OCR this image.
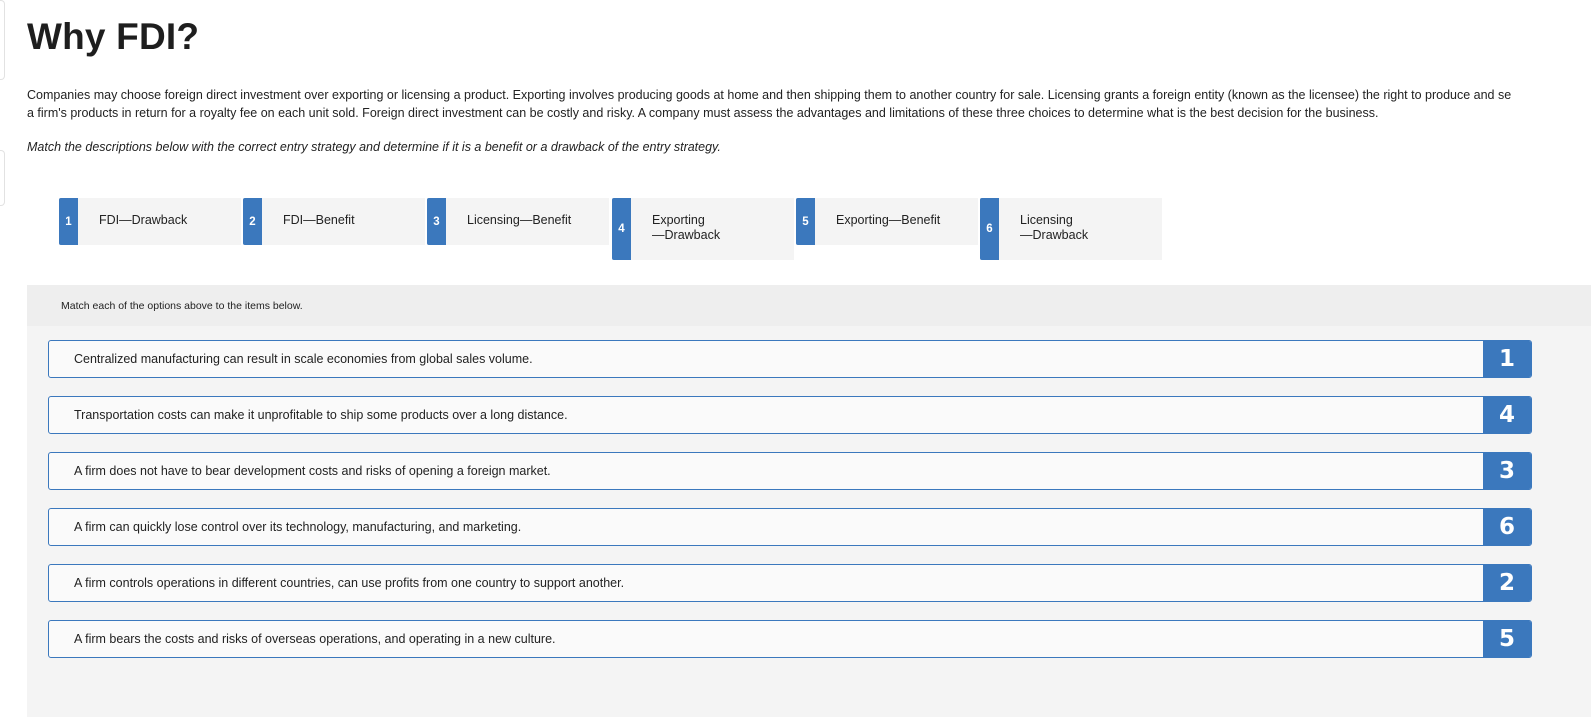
Why FDI?

Companies may choose foreign direct investment over exporting or licensing a product. Exporting involves producing goods at home and then shipping them to another country for sale. Licensing grants a foreign entity (known as the licensee) the right to produce and se
a firm's products in return for a royalty fee on each unit sold. Foreign direct investment can be costly and risky. A company must assess the advantages and limitations of these three choices to determine what is the best decision for the business.

Match the descriptions below with the correct entry strategy and determine if it is a benefit or a drawback of the entry strategy.

1	FDI—Drawback	2	FDI—Benefit	3	Licensing—Benefit
4
Exporting
—Drawback
5	Exporting—Benefit
6
Licensing
—Drawback
Match each of the options above to the items below.
Centralized manufacturing can result in scale economies from global sales volume.	1
Transportation costs can make it unprofitable to ship some products over a long distance.	4
A firm does not have to bear development costs and risks of opening a foreign market.	3
A firm can quickly lose control over its technology, manufacturing, and marketing.	6
A firm controls operations in different countries, can use profits from one country to support another.	2
A firm bears the costs and risks of overseas operations, and operating in a new culture.	5
